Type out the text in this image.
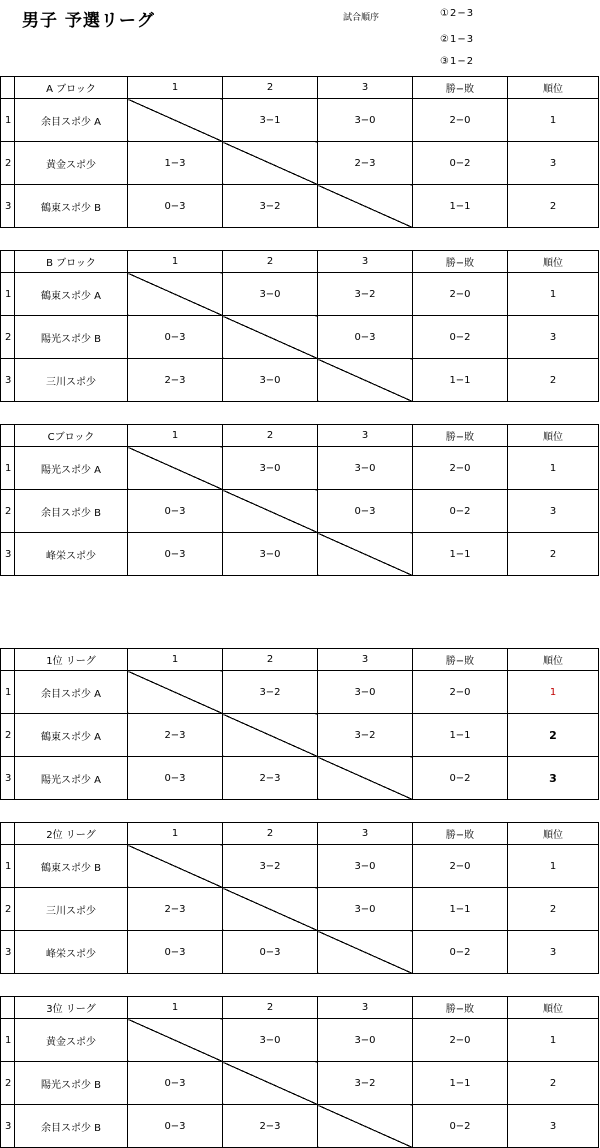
男子 予選リーグ	試合順序	①2−3
②1−3
③1−2
	A ブロック	1	2	3	勝−敗	順位
1	余目スポ少 A		3−1	3−0	2−0	1
2	黄金スポ少	1−3		2−3	0−2	3
3	鶴東スポ少 B	0−3	3−2		1−1	2
	B ブロック	1	2	3	勝−敗	順位
1	鶴東スポ少 A		3−0	3−2	2−0	1
2	陽光スポ少 B	0−3		0−3	0−2	3
3	三川スポ少	2−3	3−0		1−1	2
	Cブロック	1	2	3	勝−敗	順位
1	陽光スポ少 A		3−0	3−0	2−0	1
2	余目スポ少 B	0−3		0−3	0−2	3
3	峰栄スポ少	0−3	3−0		1−1	2
	1位 リーグ	1	2	3	勝−敗	順位
1	余目スポ少 A		3−2	3−0	2−0	1
2	鶴東スポ少 A	2−3		3−2	1−1	2
3	陽光スポ少 A	0−3	2−3		0−2	3
	2位 リーグ	1	2	3	勝−敗	順位
1	鶴東スポ少 B		3−2	3−0	2−0	1
2	三川スポ少	2−3		3−0	1−1	2
3	峰栄スポ少	0−3	0−3		0−2	3
	3位 リーグ	1	2	3	勝−敗	順位
1	黄金スポ少		3−0	3−0	2−0	1
2	陽光スポ少 B	0−3		3−2	1−1	2
3	余目スポ少 B	0−3	2−3		0−2	3
